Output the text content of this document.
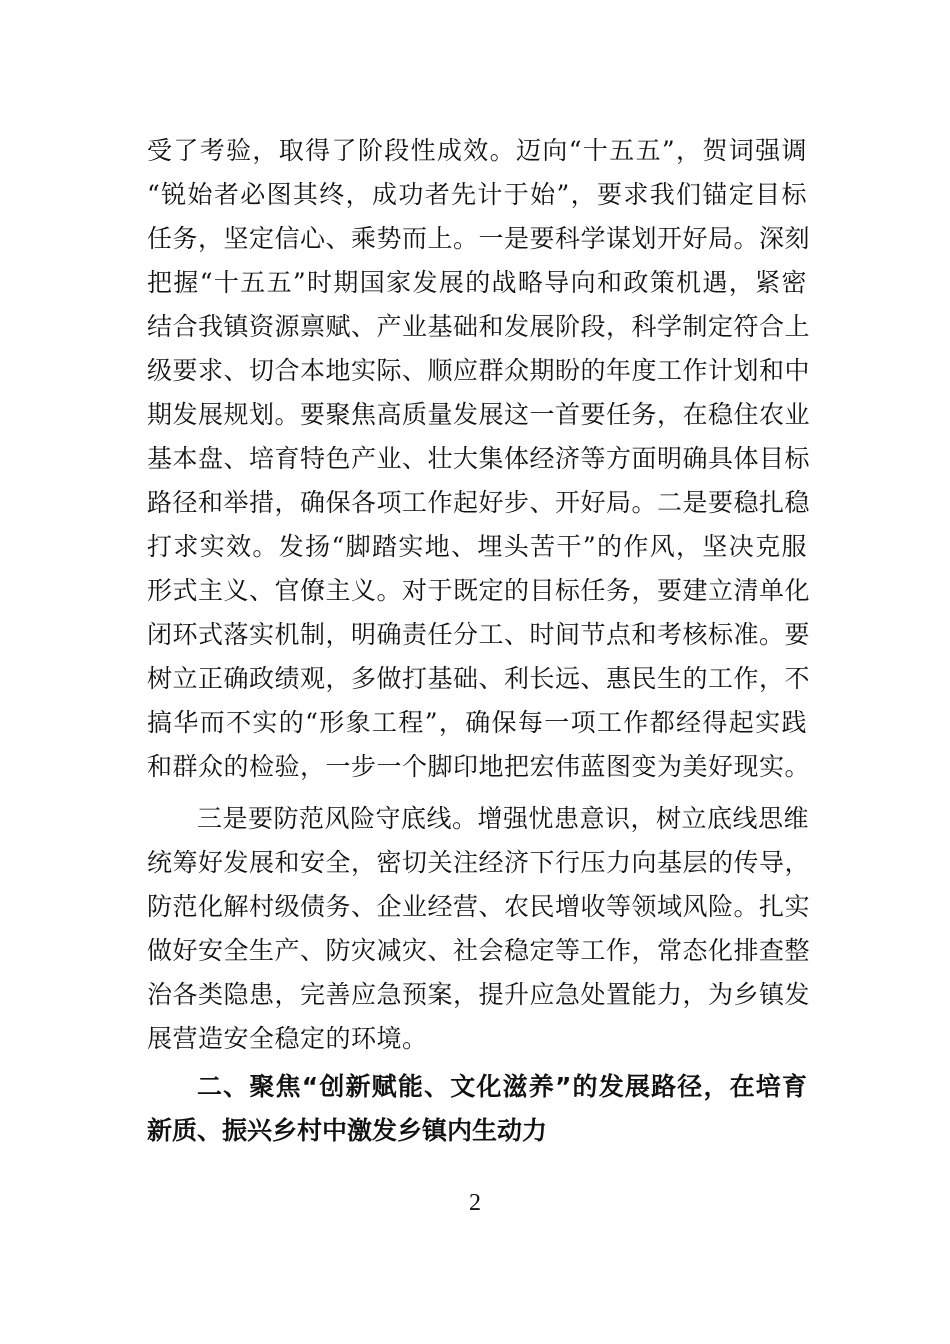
受了考验，取得了阶段性成效。迈向“十五五”，贺词强调

“锐始者必图其终，成功者先计于始”，要求我们锚定目标

任务，坚定信心、乘势而上。一是要科学谋划开好局。深刻

把握“十五五”时期国家发展的战略导向和政策机遇，紧密

结合我镇资源禀赋、产业基础和发展阶段，科学制定符合上

级要求、切合本地实际、顺应群众期盼的年度工作计划和中

期发展规划。要聚焦高质量发展这一首要任务，在稳住农业

基本盘、培育特色产业、壮大集体经济等方面明确具体目标

路径和举措，确保各项工作起好步、开好局。二是要稳扎稳

打求实效。发扬“脚踏实地、埋头苦干”的作风，坚决克服

形式主义、官僚主义。对于既定的目标任务，要建立清单化

闭环式落实机制，明确责任分工、时间节点和考核标准。要

树立正确政绩观，多做打基础、利长远、惠民生的工作，不

搞华而不实的“形象工程”，确保每一项工作都经得起实践

和群众的检验，一步一个脚印地把宏伟蓝图变为美好现实。

三是要防范风险守底线。增强忧患意识，树立底线思维

统筹好发展和安全，密切关注经济下行压力向基层的传导，

防范化解村级债务、企业经营、农民增收等领域风险。扎实

做好安全生产、防灾减灾、社会稳定等工作，常态化排查整

治各类隐患，完善应急预案，提升应急处置能力，为乡镇发

展营造安全稳定的环境。

二、聚焦“创新赋能、文化滋养”的发展路径，在培育

新质、振兴乡村中激发乡镇内生动力

2
